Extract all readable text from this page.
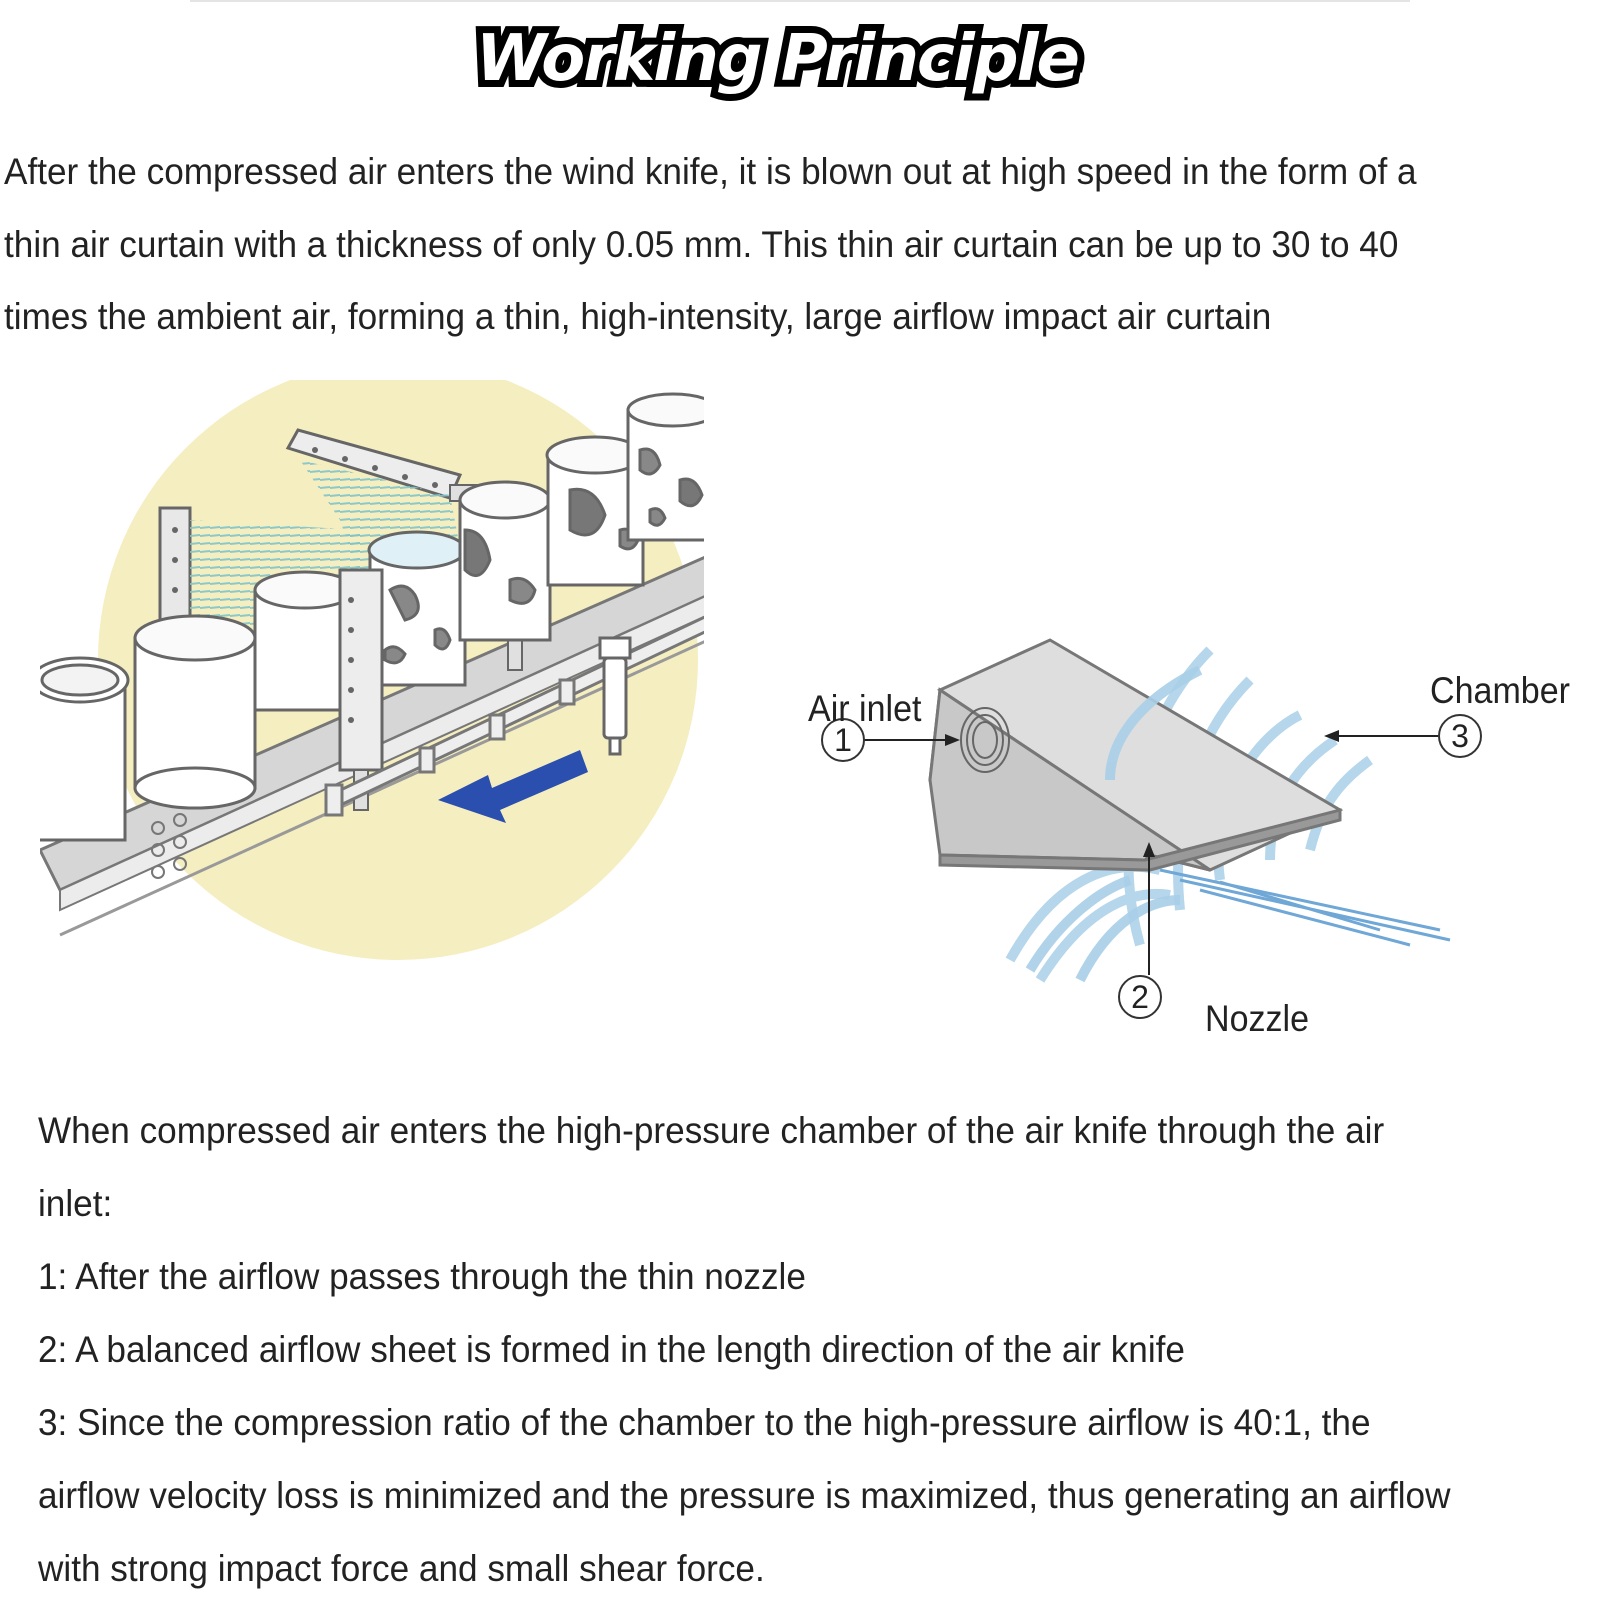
Working Principle
After the compressed air enters the wind knife, it is blown out at high speed in the form of a
thin air curtain with a thickness of only 0.05 mm. This thin air curtain can be up to 30 to 40
times the ambient air, forming a thin, high-intensity, large airflow impact air curtain
1	3
2
Air inlet	Chamber
Nozzle
When compressed air enters the high-pressure chamber of the air knife through the air
inlet:
1: After the airflow passes through the thin nozzle
2: A balanced airflow sheet is formed in the length direction of the air knife
3: Since the compression ratio of the chamber to the high-pressure airflow is 40:1, the
airflow velocity loss is minimized and the pressure is maximized, thus generating an airflow
with strong impact force and small shear force.
